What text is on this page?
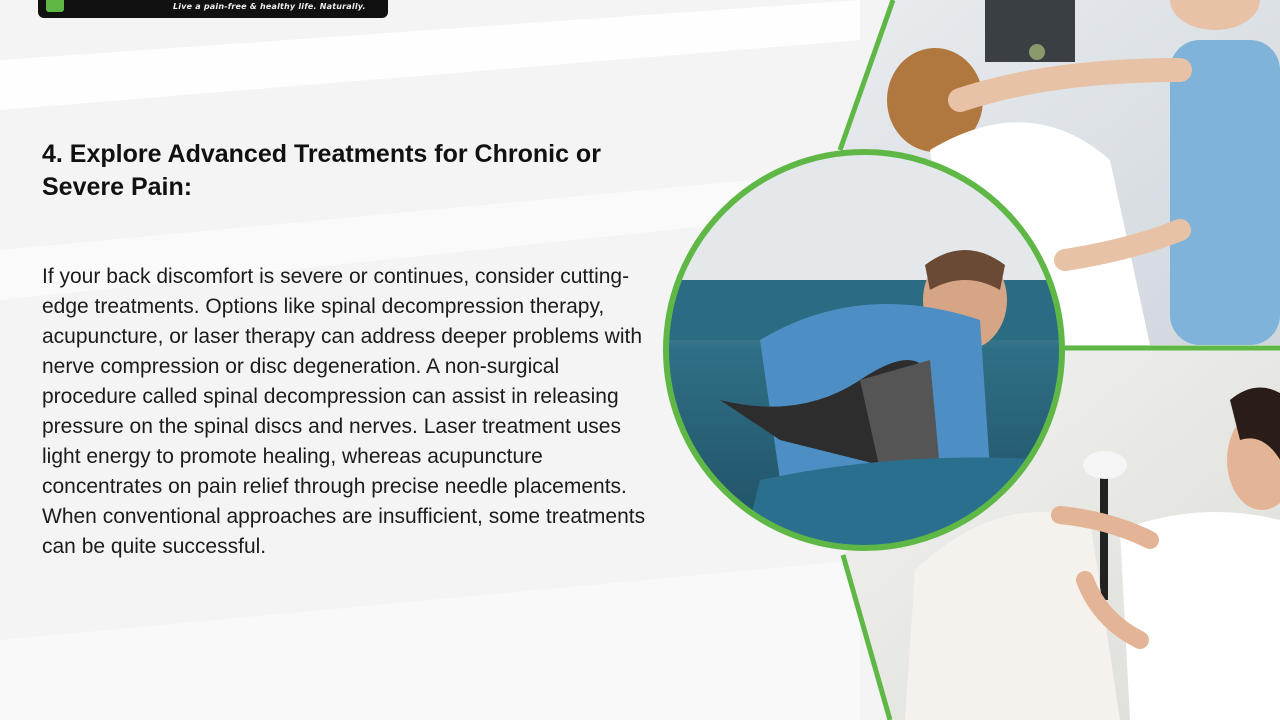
Live a pain-free & healthy life. Naturally.
4. Explore Advanced Treatments for Chronic or Severe Pain:

If your back discomfort is severe or continues, consider cutting-edge treatments. Options like spinal decompression therapy, acupuncture, or laser therapy can address deeper problems with nerve compression or disc degeneration. A non-surgical procedure called spinal decompression can assist in releasing pressure on the spinal discs and nerves. Laser treatment uses light energy to promote healing, whereas acupuncture concentrates on pain relief through precise needle placements. When conventional approaches are insufficient, some treatments can be quite successful.
